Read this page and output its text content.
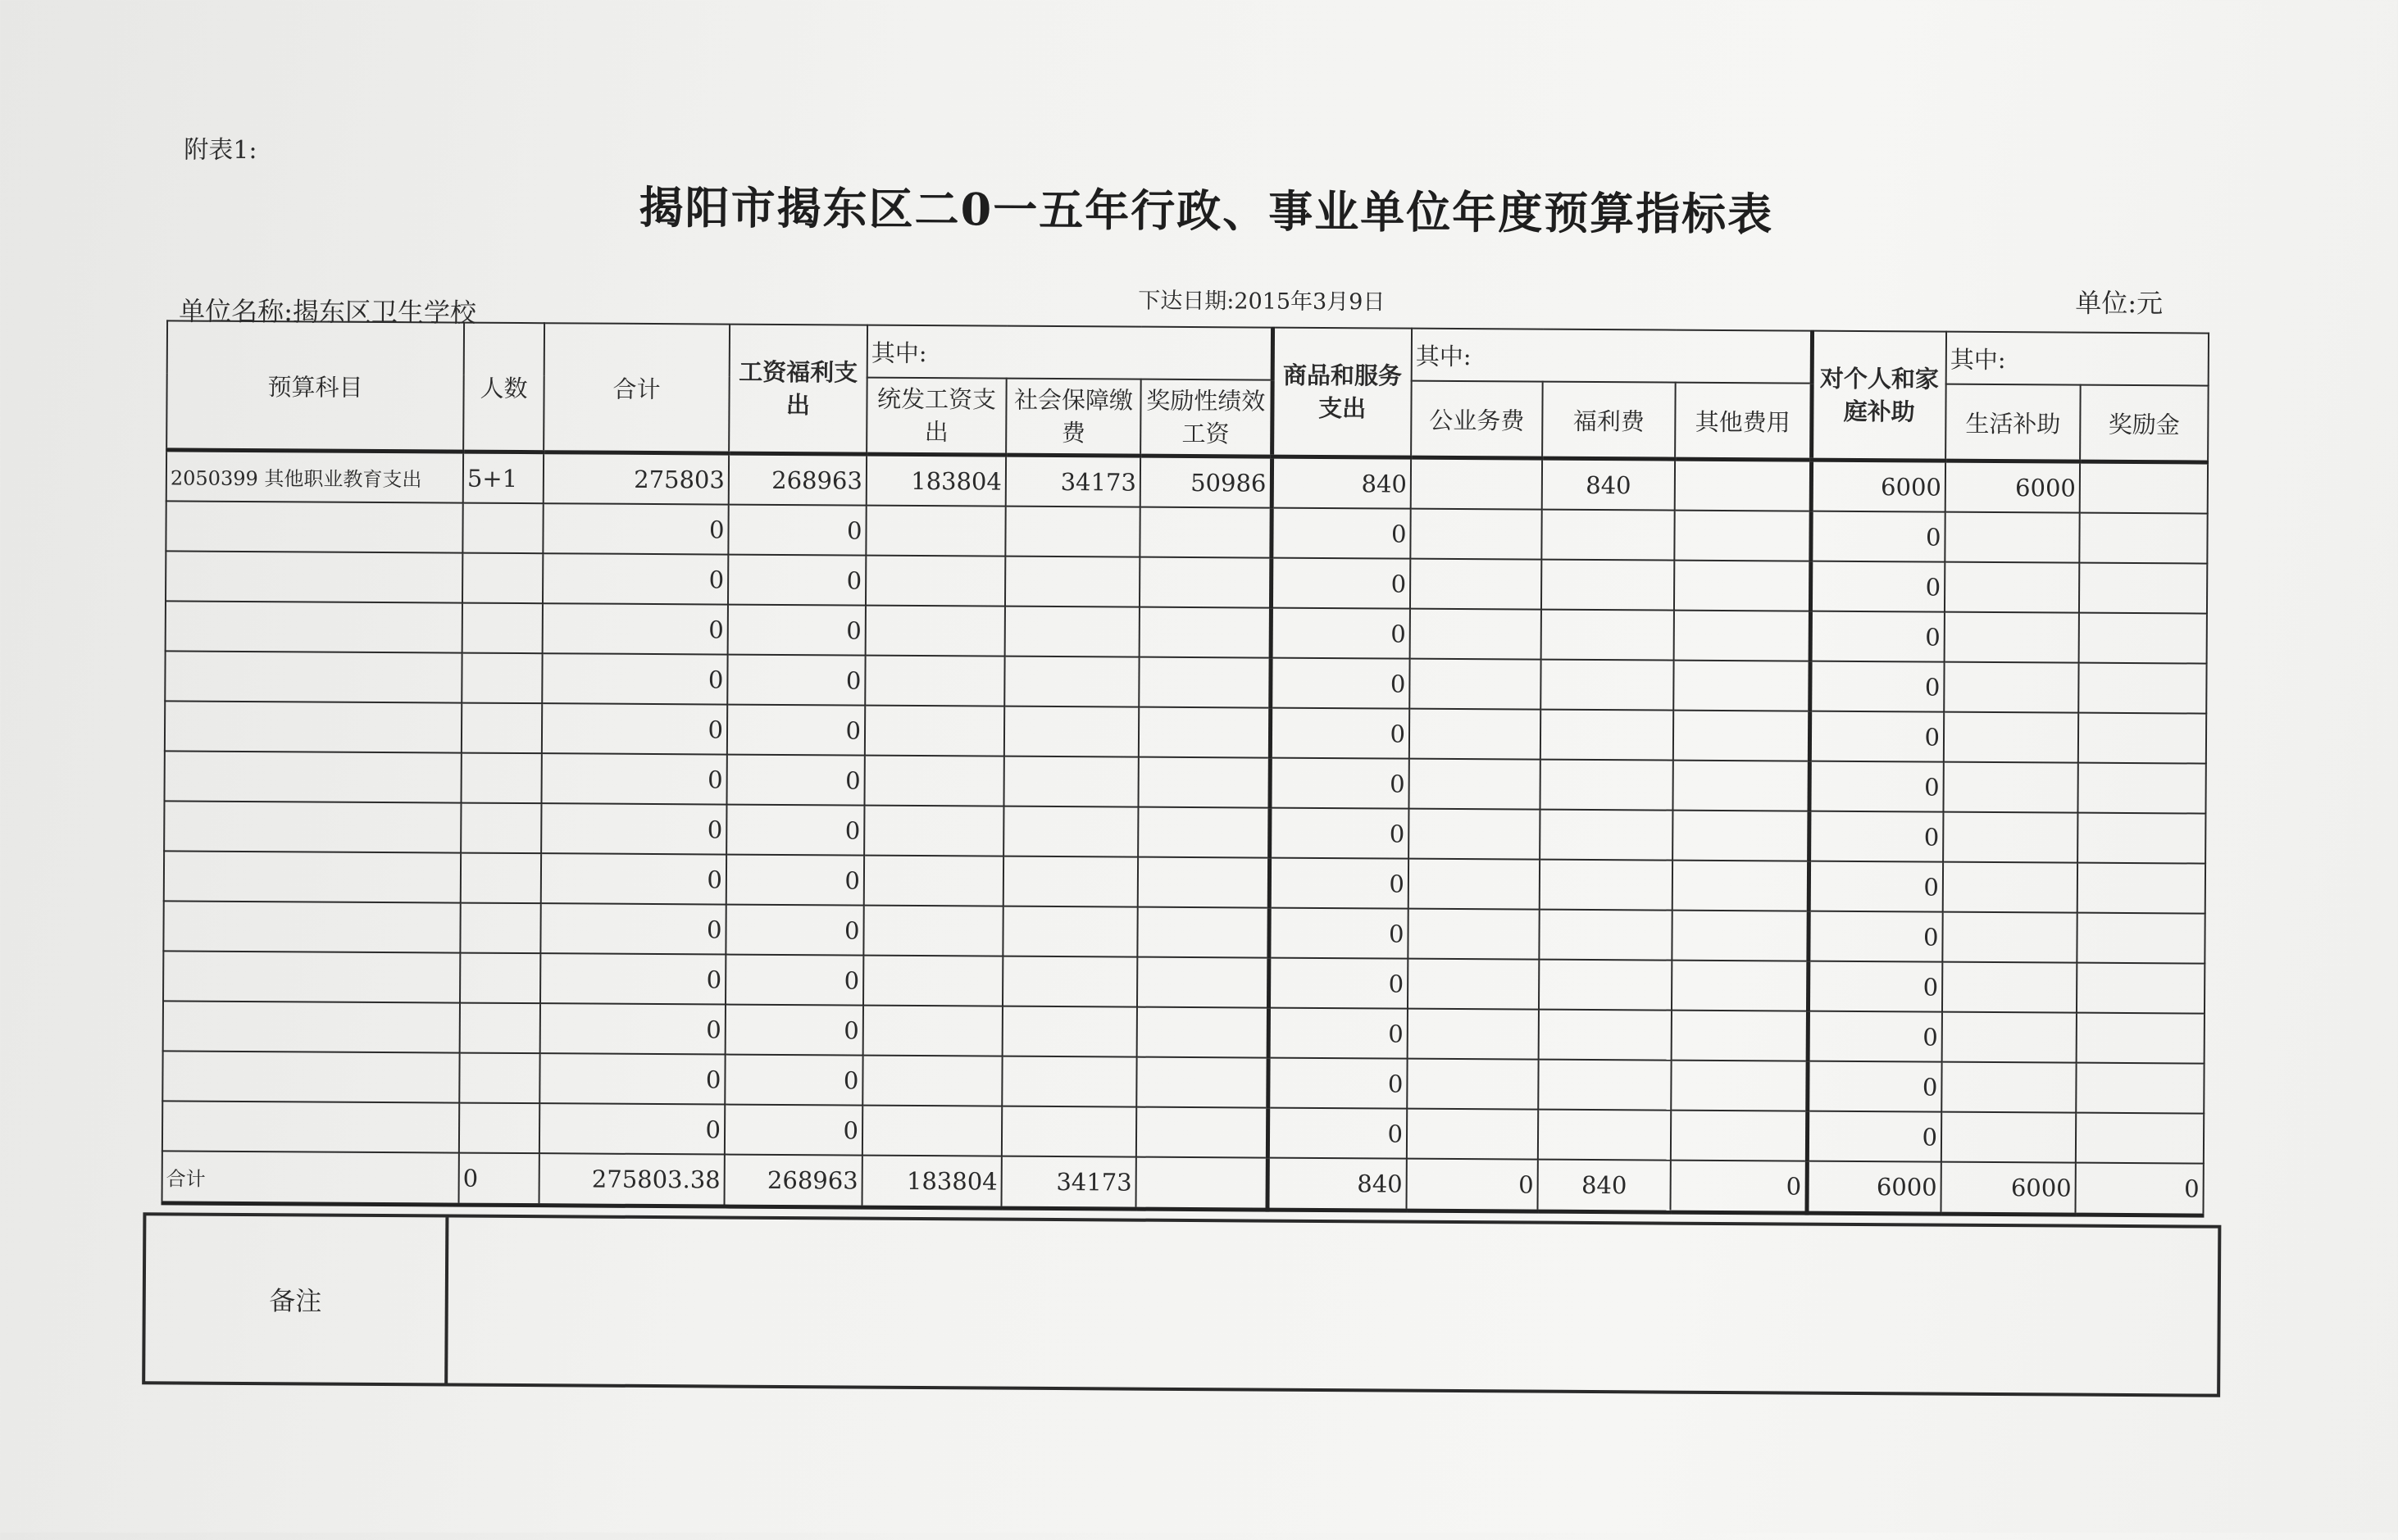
附表1:
揭阳市揭东区二0一五年行政、事业单位年度预算指标表
单位名称:揭东区卫生学校	下达日期:2015年3月9日	单位:元
预算科目	人数	合计	工资福利支出	其中:			商品和服务支出	其中:			对个人和家庭补助	其中:	
				统发工资支出	社会保障缴费	奖励性绩效工资		公业务费	福利费	其他费用		生活补助	奖励金
2050399 其他职业教育支出	5+1	275803	268963	183804	34173	50986	840		840		6000	6000	
		0	0				0				0		
		0	0				0				0		
		0	0				0				0		
		0	0				0				0		
		0	0				0				0		
		0	0				0				0		
		0	0				0				0		
		0	0				0				0		
		0	0				0				0		
		0	0				0				0		
		0	0				0				0		
		0	0				0				0		
		0	0				0				0		
合计	0	275803.38	268963	183804	34173		840	0	840	0	6000	6000	0
备注
